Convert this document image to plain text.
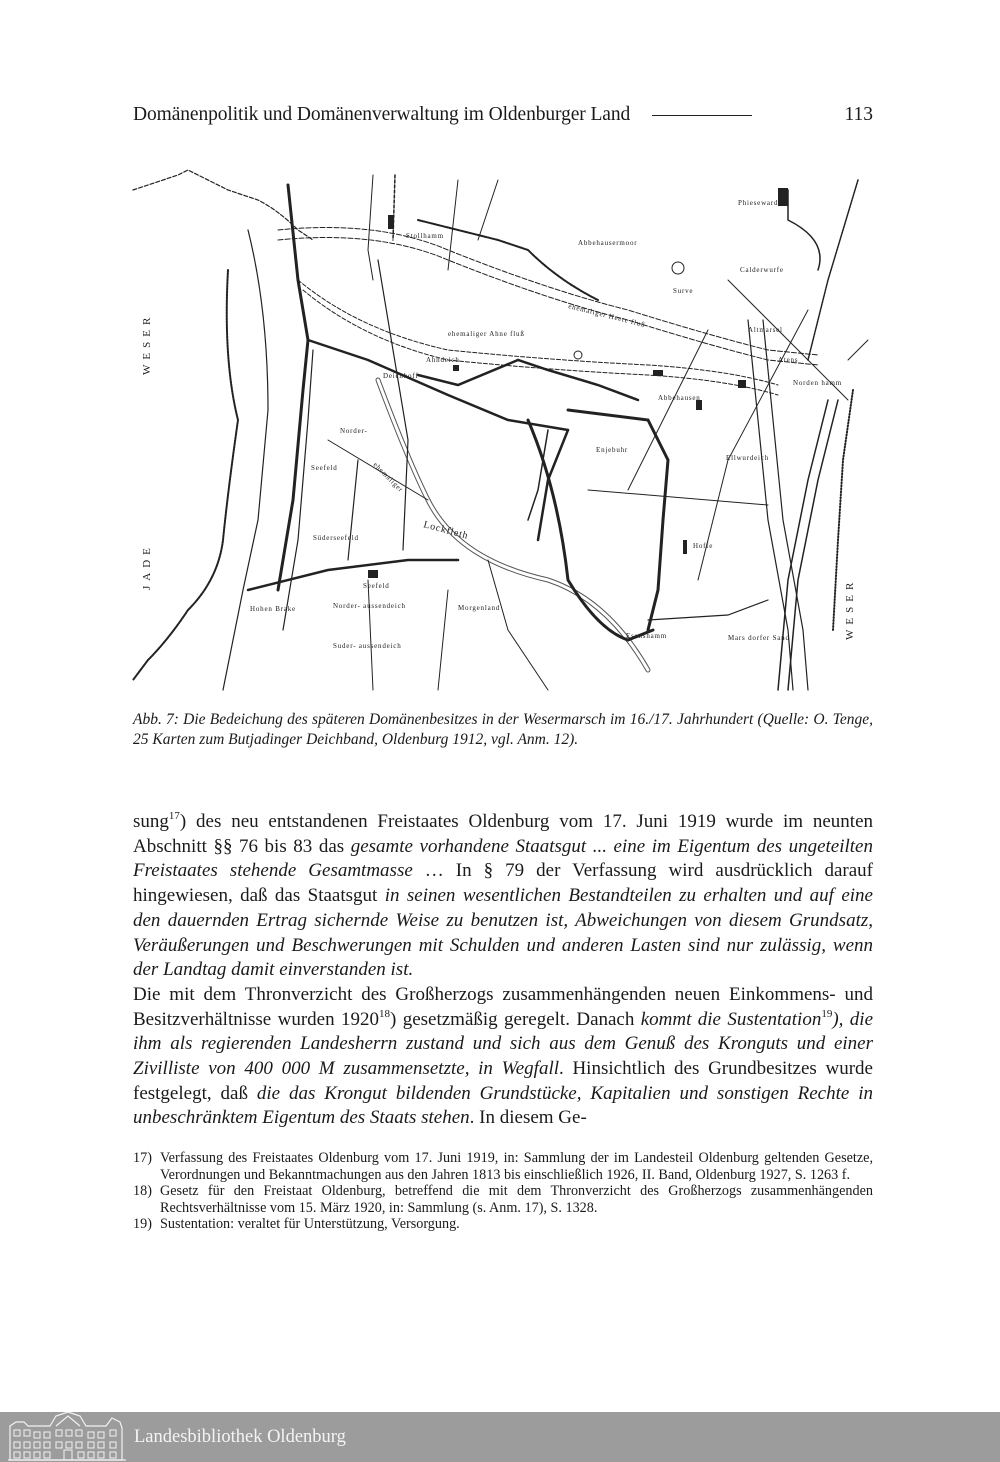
Domänenpolitik und Domänenverwaltung im Oldenburger Land	113
Stollhamm
Abbehausermoor
Phiesewarden
Calderwurfe
Surve
Altmarsel
Atens
Norden hamm
ehemaliger Heete fluß
ehemaliger Ahne fluß
Abbehausen
Ahndeich
Deichhoff
Esenshamm
Enjebuhr
Ellwurdeich
Hoffe
Norder-
Seefeld
Süderseefeld
Seefeld
ehemaliger
Lockfleth
Hohen Brake	Norder- aussendeich
Suder- aussendeich
Morgenland
Mars dorfer Sand
JADE
WESER
WESER
Abb. 7: Die Bedeichung des späteren Domänenbesitzes in der Wesermarsch im 16./17. Jahrhundert (Quelle: O. Tenge, 25 Karten zum Butjadinger Deichband, Oldenburg 1912, vgl. Anm. 12).

sung$^{17}$) des neu entstandenen Freistaates Oldenburg vom 17. Juni 1919 wurde im neunten Abschnitt §§ 76 bis 83 das gesamte vorhandene Staatsgut ... eine im Eigentum des ungeteilten Freistaates stehende Gesamtmasse … In § 79 der Verfassung wird ausdrücklich darauf hingewiesen, daß das Staatsgut in seinen wesentlichen Bestandteilen zu erhalten und auf eine den dauernden Ertrag sichernde Weise zu benutzen ist, Abweichungen von diesem Grundsatz, Veräußerungen und Beschwerungen mit Schulden und anderen Lasten sind nur zulässig, wenn der Landtag damit einverstanden ist.

Die mit dem Thronverzicht des Großherzogs zusammenhängenden neuen Einkommens- und Besitzverhältnisse wurden 1920$^{18}$) gesetzmäßig geregelt. Danach kommt die Sustentation$^{19}$), die ihm als regierenden Landesherrn zustand und sich aus dem Genuß des Kronguts und einer Zivilliste von 400 000 M zusammensetzte, in Wegfall. Hinsichtlich des Grundbesitzes wurde festgelegt, daß die das Krongut bildenden Grundstücke, Kapitalien und sonstigen Rechte in unbeschränktem Eigentum des Staats stehen. In diesem Ge-

17) Verfassung des Freistaates Oldenburg vom 17. Juni 1919, in: Sammlung der im Landesteil Oldenburg geltenden Gesetze, Verordnungen und Bekanntmachungen aus den Jahren 1813 bis einschließlich 1926, II. Band, Oldenburg 1927, S. 1263 f.
18) Gesetz für den Freistaat Oldenburg, betreffend die mit dem Thronverzicht des Großherzogs zusammenhängenden Rechtsverhältnisse vom 15. März 1920, in: Sammlung (s. Anm. 17), S. 1328.
19) Sustentation: veraltet für Unterstützung, Versorgung.
Landesbibliothek Oldenburg
